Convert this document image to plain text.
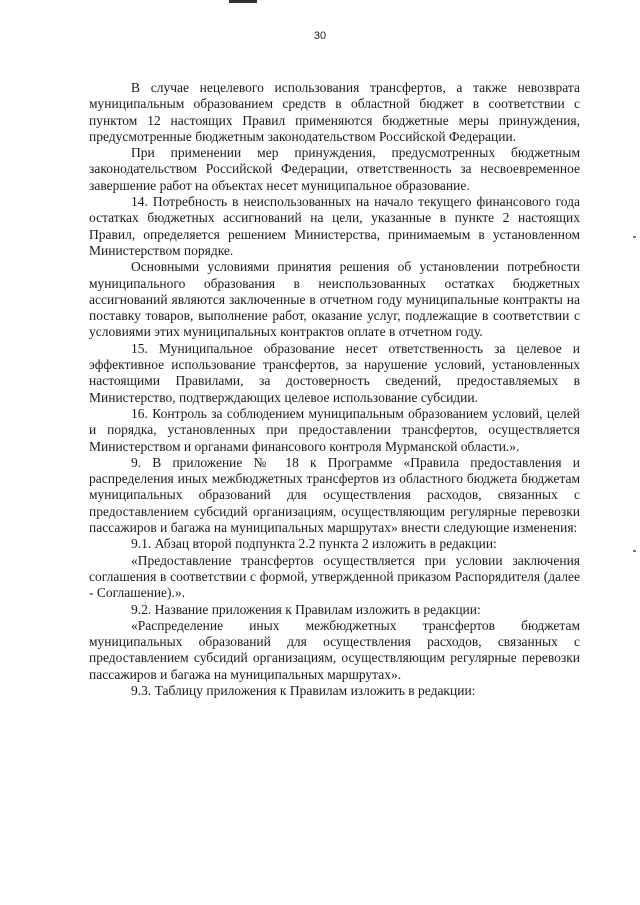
30

В случае нецелевого использования трансфертов, а также невозврата муниципальным образованием средств в областной бюджет в соответствии с пунктом 12 настоящих Правил применяются бюджетные меры принуждения, предусмотренные бюджетным законодательством Российской Федерации.

При применении мер принуждения, предусмотренных бюджетным законодательством Российской Федерации, ответственность за несвоевременное завершение работ на объектах несет муниципальное образование.

14. Потребность в неиспользованных на начало текущего финансового года остатках бюджетных ассигнований на цели, указанные в пункте 2 настоящих Правил, определяется решением Министерства, принимаемым в установленном Министерством порядке.

Основными условиями принятия решения об установлении потребности муниципального образования в неиспользованных остатках бюджетных ассигнований являются заключенные в отчетном году муниципальные контракты на поставку товаров, выполнение работ, оказание услуг, подлежащие в соответствии с условиями этих муниципальных контрактов оплате в отчетном году.

15. Муниципальное образование несет ответственность за целевое и эффективное использование трансфертов, за нарушение условий, установленных настоящими Правилами, за достоверность сведений, предоставляемых в Министерство, подтверждающих целевое использование субсидии.

16. Контроль за соблюдением муниципальным образованием условий, целей и порядка, установленных при предоставлении трансфертов, осуществляется Министерством и органами финансового контроля Мурманской области.».

9. В приложение № 18 к Программе «Правила предоставления и распределения иных межбюджетных трансфертов из областного бюджета бюджетам муниципальных образований для осуществления расходов, связанных с предоставлением субсидий организациям, осуществляющим регулярные перевозки пассажиров и багажа на муниципальных маршрутах» внести следующие изменения:

9.1. Абзац второй подпункта 2.2 пункта 2 изложить в редакции:

«Предоставление трансфертов осуществляется при условии заключения соглашения в соответствии с формой, утвержденной приказом Распорядителя (далее - Соглашение).».

9.2. Название приложения к Правилам изложить в редакции:

«Распределение иных межбюджетных трансфертов бюджетам муниципальных образований для осуществления расходов, связанных с предоставлением субсидий организациям, осуществляющим регулярные перевозки пассажиров и багажа на муниципальных маршрутах».

9.3. Таблицу приложения к Правилам изложить в редакции:
